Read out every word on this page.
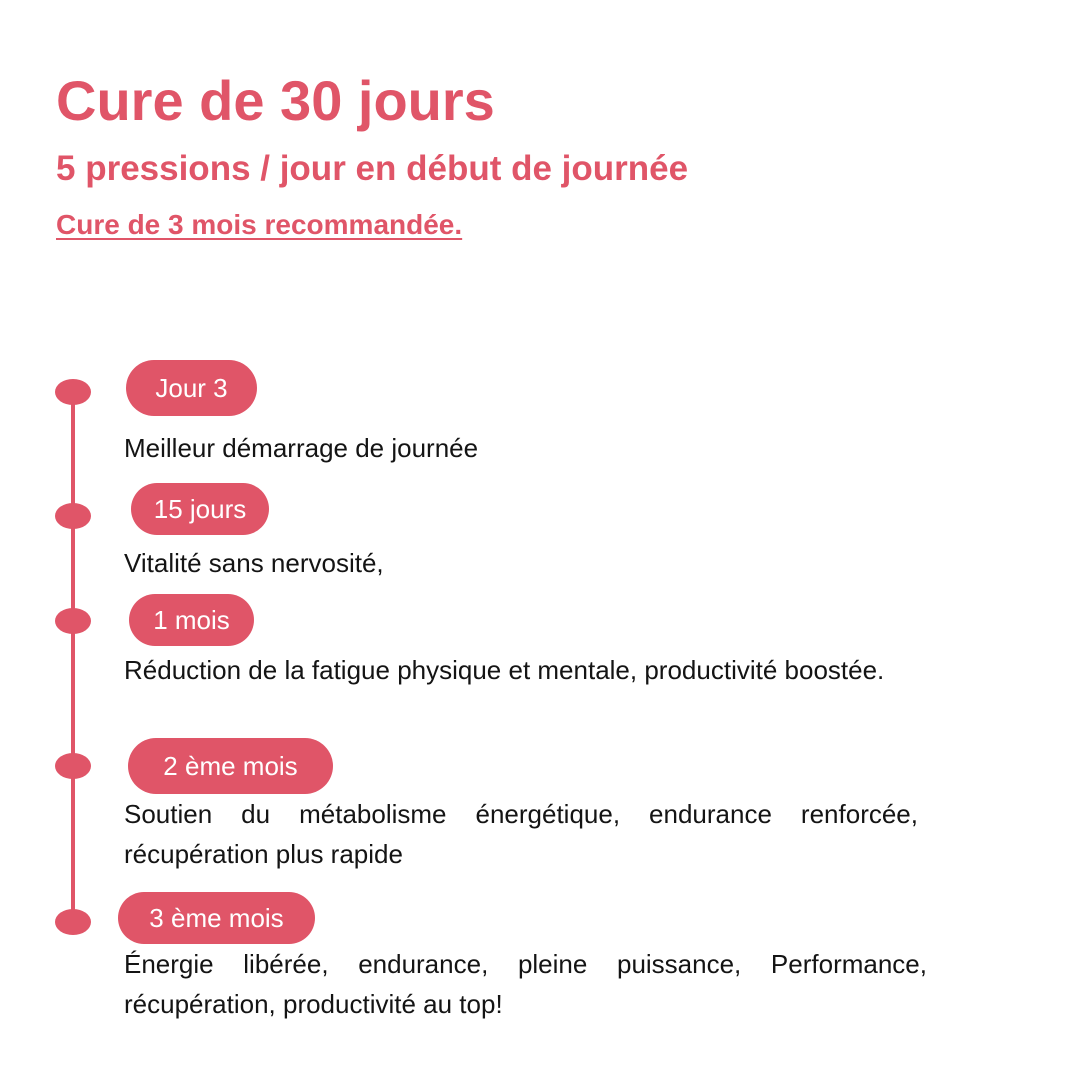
Cure de 30 jours
5 pressions / jour en début de journée

Cure de 3 mois recommandée.

Jour 3

Meilleur démarrage de journée

15 jours

Vitalité sans nervosité,

1 mois

Réduction de la fatigue physique et mentale, productivité boostée.

2 ème mois

Soutien du métabolisme énergétique, endurance renforcée, récupération plus rapide

3 ème mois

Énergie libérée, endurance, pleine puissance, Performance, récupération, productivité au top!
